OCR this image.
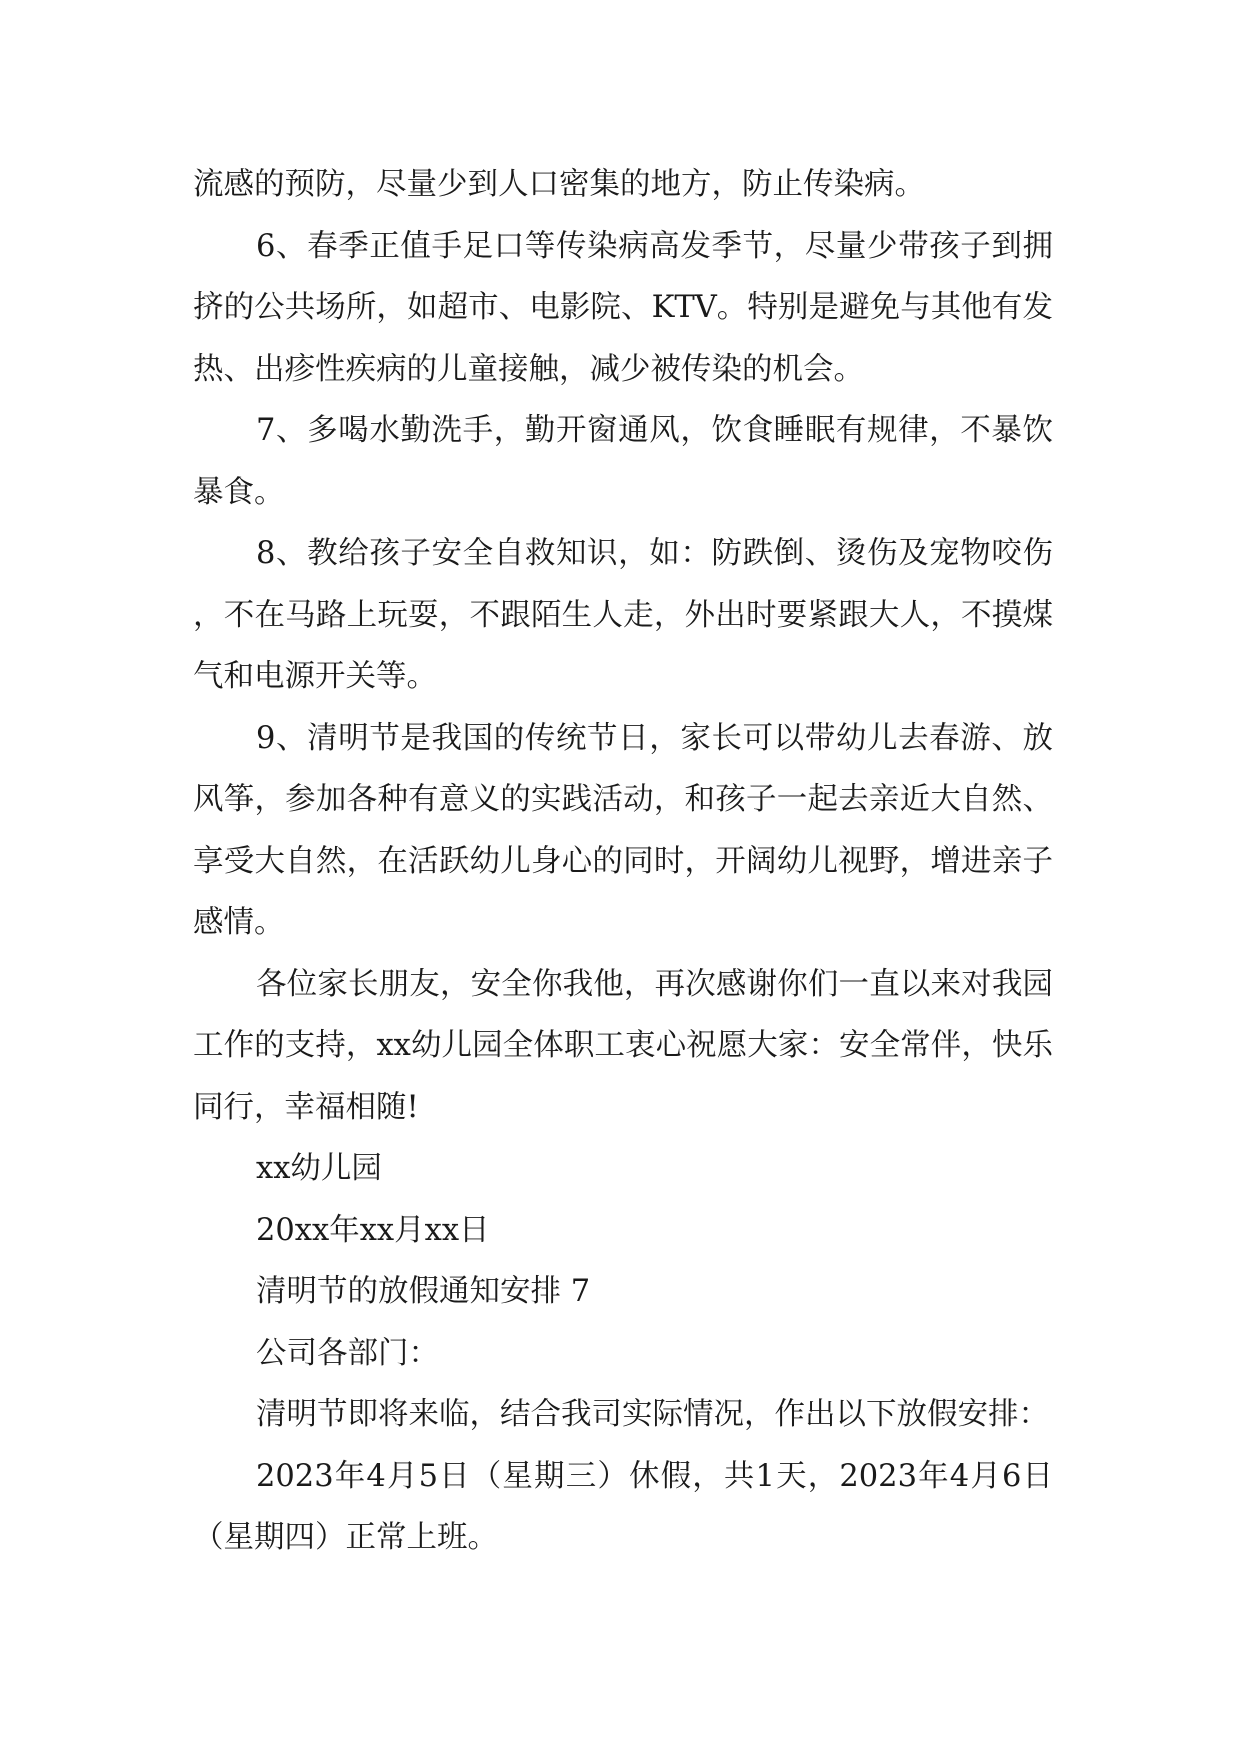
流感的预防，尽量少到人口密集的地方，防止传染病。

6、春季正值手足口等传染病高发季节，尽量少带孩子到拥挤的公共场所，如超市、电影院、KTV。特别是避免与其他有发热、出疹性疾病的儿童接触，减少被传染的机会。

7、多喝水勤洗手，勤开窗通风，饮食睡眠有规律，不暴饮暴食。

8、教给孩子安全自救知识，如：防跌倒、烫伤及宠物咬伤，不在马路上玩耍，不跟陌生人走，外出时要紧跟大人，不摸煤气和电源开关等。

9、清明节是我国的传统节日，家长可以带幼儿去春游、放风筝，参加各种有意义的实践活动，和孩子一起去亲近大自然、享受大自然，在活跃幼儿身心的同时，开阔幼儿视野，增进亲子感情。

各位家长朋友，安全你我他，再次感谢你们一直以来对我园工作的支持，xx幼儿园全体职工衷心祝愿大家：安全常伴，快乐同行，幸福相随!

xx幼儿园

20xx年xx月xx日

清明节的放假通知安排 7

公司各部门：

清明节即将来临，结合我司实际情况，作出以下放假安排：

2023年4月5日（星期三）休假，共1天，2023年4月6日（星期四）正常上班。
